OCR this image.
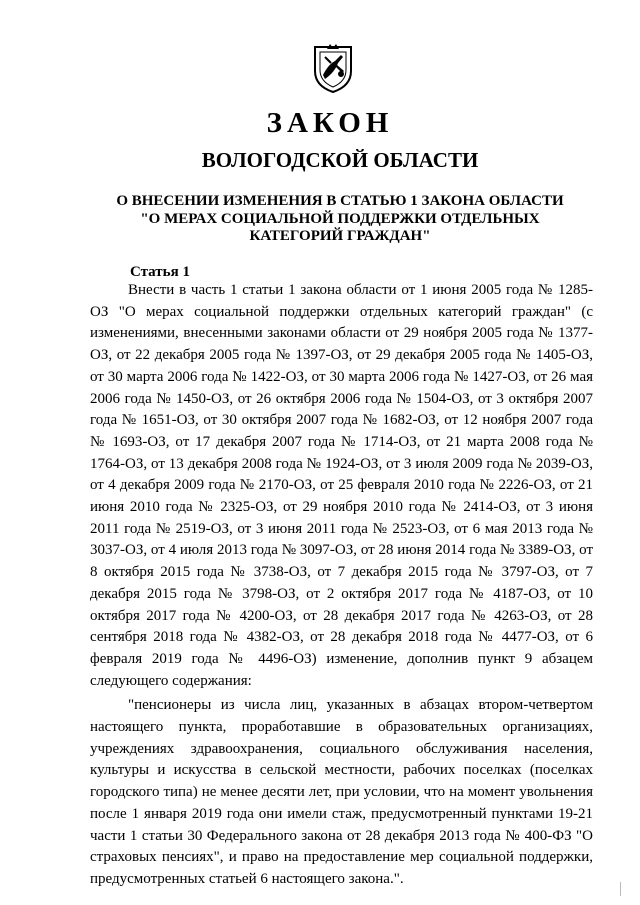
ЗАКОН
ВОЛОГОДСКОЙ ОБЛАСТИ
О ВНЕСЕНИИ ИЗМЕНЕНИЯ В СТАТЬЮ 1 ЗАКОНА ОБЛАСТИ
"О МЕРАХ СОЦИАЛЬНОЙ ПОДДЕРЖКИ ОТДЕЛЬНЫХ
КАТЕГОРИЙ ГРАЖДАН"
Статья 1

Внести в часть 1 статьи 1 закона области от 1 июня 2005 года № 1285-ОЗ "О мерах социальной поддержки отдельных категорий граждан" (с изменениями, внесенными законами области от 29 ноября 2005 года № 1377-ОЗ, от 22 декабря 2005 года № 1397-ОЗ, от 29 декабря 2005 года № 1405-ОЗ, от 30 марта 2006 года № 1422-ОЗ, от 30 марта 2006 года № 1427-ОЗ, от 26 мая 2006 года № 1450-ОЗ, от 26 октября 2006 года № 1504-ОЗ, от 3 октября 2007 года № 1651-ОЗ, от 30 октября 2007 года № 1682-ОЗ, от 12 ноября 2007 года № 1693-ОЗ, от 17 декабря 2007 года № 1714-ОЗ, от 21 марта 2008 года № 1764-ОЗ, от 13 декабря 2008 года № 1924-ОЗ, от 3 июля 2009 года № 2039-ОЗ, от 4 декабря 2009 года № 2170-ОЗ, от 25 февраля 2010 года № 2226-ОЗ, от 21 июня 2010 года № 2325-ОЗ, от 29 ноября 2010 года № 2414-ОЗ, от 3 июня 2011 года № 2519-ОЗ, от 3 июня 2011 года № 2523-ОЗ, от 6 мая 2013 года № 3037-ОЗ, от 4 июля 2013 года № 3097-ОЗ, от 28 июня 2014 года № 3389-ОЗ, от 8 октября 2015 года № 3738-ОЗ, от 7 декабря 2015 года № 3797-ОЗ, от 7 декабря 2015 года № 3798-ОЗ, от 2 октября 2017 года № 4187-ОЗ, от 10 октября 2017 года № 4200-ОЗ, от 28 декабря 2017 года № 4263-ОЗ, от 28 сентября 2018 года № 4382-ОЗ, от 28 декабря 2018 года № 4477-ОЗ, от 6 февраля 2019 года № 4496-ОЗ) изменение, дополнив пункт 9 абзацем следующего содержания:

"пенсионеры из числа лиц, указанных в абзацах втором-четвертом настоящего пункта, проработавшие в образовательных организациях, учреждениях здравоохранения, социального обслуживания населения, культуры и искусства в сельской местности, рабочих поселках (поселках городского типа) не менее десяти лет, при условии, что на момент увольнения после 1 января 2019 года они имели стаж, предусмотренный пунктами 19-21 части 1 статьи 30 Федерального закона от 28 декабря 2013 года № 400-ФЗ "О страховых пенсиях", и право на предоставление мер социальной поддержки, предусмотренных статьей 6 настоящего закона.".
